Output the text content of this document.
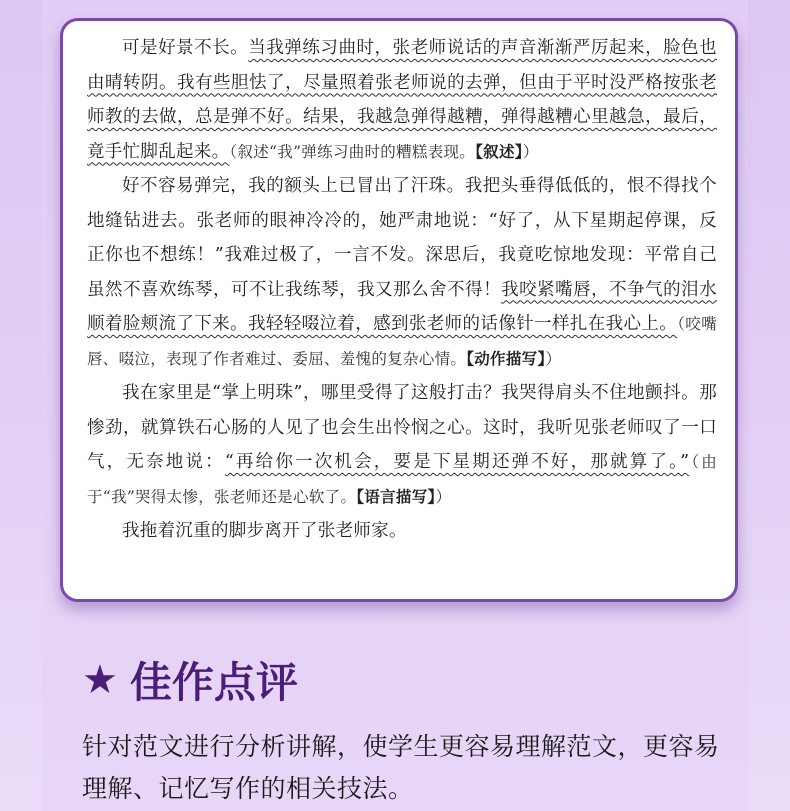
可是好景不长。当我弹练习曲时，张老师说话的声音渐渐严厉起来，脸色也由晴转阴。我有些胆怯了，尽量照着张老师说的去弹，但由于平时没严格按张老师教的去做，总是弹不好。结果，我越急弹得越糟，弹得越糟心里越急，最后，竟手忙脚乱起来。（叙述“我”弹练习曲时的糟糕表现。【叙述】）

好不容易弹完，我的额头上已冒出了汗珠。我把头垂得低低的，恨不得找个地缝钻进去。张老师的眼神冷冷的，她严肃地说：“好了，从下星期起停课，反正你也不想练！”我难过极了，一言不发。深思后，我竟吃惊地发现：平常自己虽然不喜欢练琴，可不让我练琴，我又那么舍不得！我咬紧嘴唇，不争气的泪水顺着脸颊流了下来。我轻轻啜泣着，感到张老师的话像针一样扎在我心上。（咬嘴唇、啜泣，表现了作者难过、委屈、羞愧的复杂心情。【动作描写】）

我在家里是“掌上明珠”，哪里受得了这般打击？我哭得肩头不住地颤抖。那惨劲，就算铁石心肠的人见了也会生出怜悯之心。这时，我听见张老师叹了一口气，无奈地说：“再给你一次机会，要是下星期还弹不好，那就算了。”（由于“我”哭得太惨，张老师还是心软了。【语言描写】）

我拖着沉重的脚步离开了张老师家。

★ 佳作点评
针对范文进行分析讲解，使学生更容易理解范文，更容易理解、记忆写作的相关技法。
